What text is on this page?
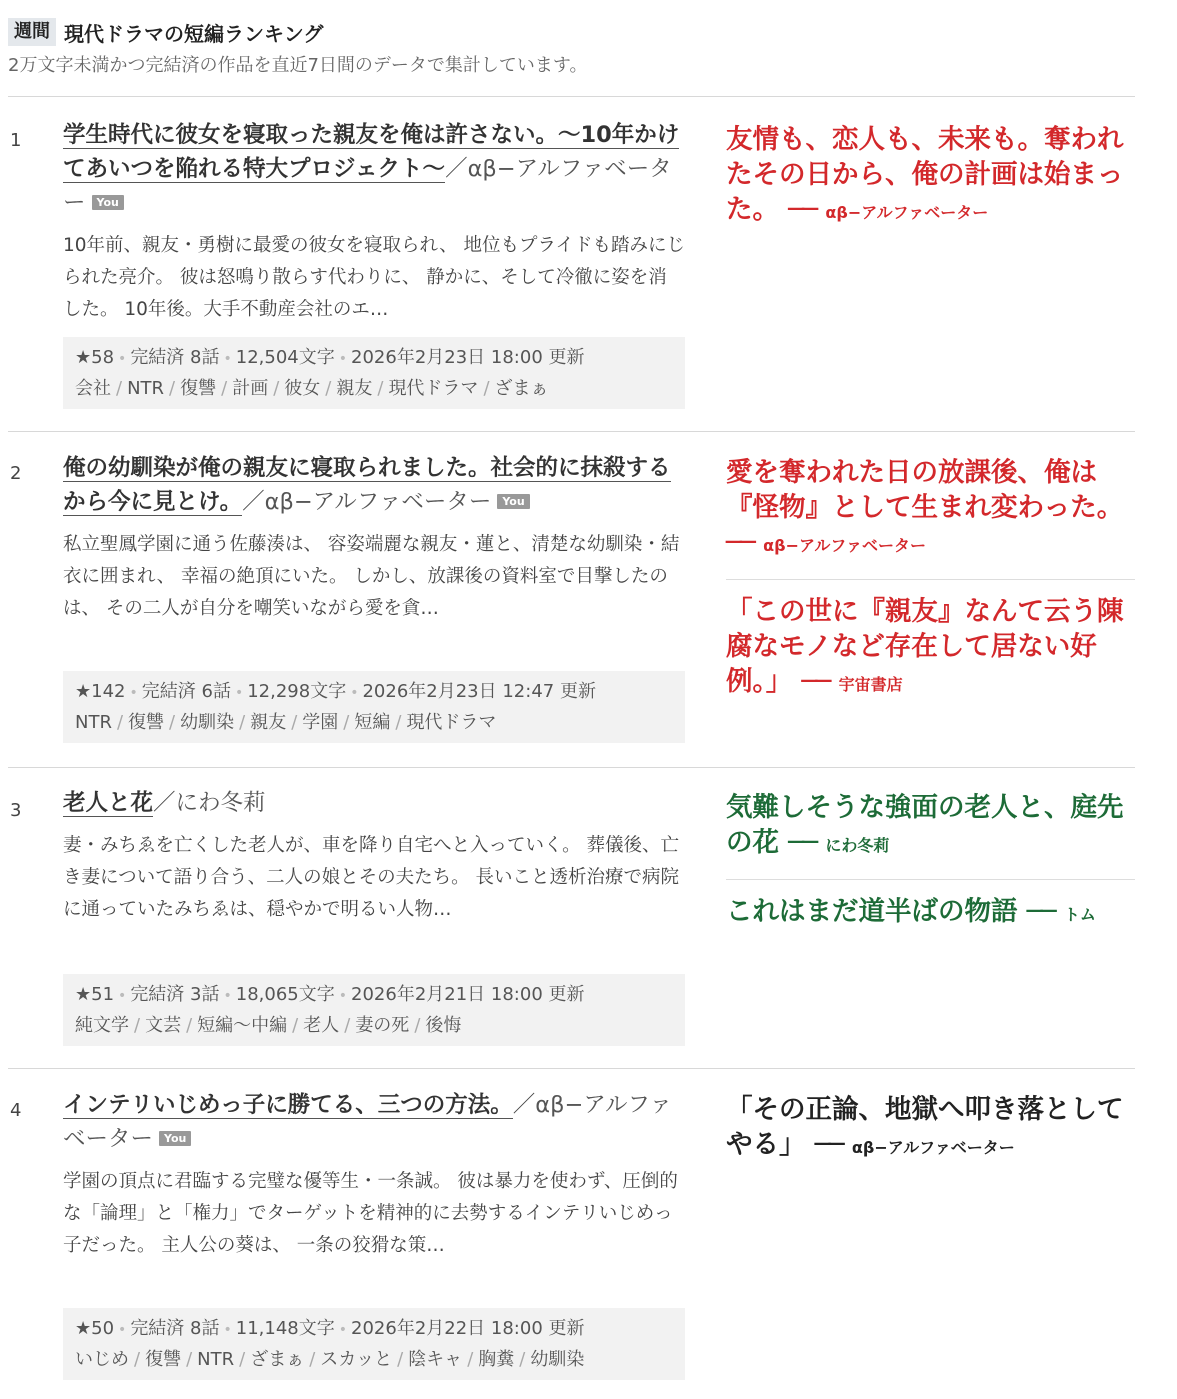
週間 現代ドラマの短編ランキング
2万文字未満かつ完結済の作品を直近7日間のデータで集計しています。
1 学生時代に彼女を寝取った親友を俺は許さない。〜10年かけてあいつを陥れる特大プロジェクト〜／αβ−アルファベーター You
10年前、親友・勇樹に最愛の彼女を寝取られ、 地位もプライドも踏みにじられた亮介。 彼は怒鳴り散らす代わりに、 静かに、そして冷徹に姿を消した。 10年後。大手不動産会社のエ…
★58 • 完結済 8話 • 12,504文字 • 2026年2月23日 18:00 更新
会社 / NTR / 復讐 / 計画 / 彼女 / 親友 / 現代ドラマ / ざまぁ
友情も、恋人も、未来も。奪われたその日から、俺の計画は始まった。 ── αβ−アルファベーター
2 俺の幼馴染が俺の親友に寝取られました。社会的に抹殺するから今に見とけ。／αβ−アルファベーター You
私立聖鳳学園に通う佐藤湊は、 容姿端麗な親友・蓮と、清楚な幼馴染・結衣に囲まれ、 幸福の絶頂にいた。 しかし、放課後の資料室で目撃したのは、 その二人が自分を嘲笑いながら愛を貪…
★142 • 完結済 6話 • 12,298文字 • 2026年2月23日 12:47 更新
NTR / 復讐 / 幼馴染 / 親友 / 学園 / 短編 / 現代ドラマ
愛を奪われた日の放課後、俺は『怪物』として生まれ変わった。 ── αβ−アルファベーター
「この世に『親友』なんて云う陳腐なモノなど存在して居ない好例。」 ── 宇宙書店
3 老人と花／にわ冬莉
妻・みちゑを亡くした老人が、車を降り自宅へと入っていく。 葬儀後、亡き妻について語り合う、二人の娘とその夫たち。 長いこと透析治療で病院に通っていたみちゑは、穏やかで明るい人物…
★51 • 完結済 3話 • 18,065文字 • 2026年2月21日 18:00 更新
純文学 / 文芸 / 短編〜中編 / 老人 / 妻の死 / 後悔
気難しそうな強面の老人と、庭先の花 ── にわ冬莉
これはまだ道半ばの物語 ── トム
4 インテリいじめっ子に勝てる、三つの方法。／αβ−アルファベーター You
学園の頂点に君臨する完璧な優等生・一条誠。 彼は暴力を使わず、圧倒的な「論理」と「権力」でターゲットを精神的に去勢するインテリいじめっ子だった。 主人公の葵は、 一条の狡猾な策…
★50 • 完結済 8話 • 11,148文字 • 2026年2月22日 18:00 更新
いじめ / 復讐 / NTR / ざまぁ / スカッと / 陰キャ / 胸糞 / 幼馴染
「その正論、地獄へ叩き落としてやる」 ── αβ−アルファベーター
